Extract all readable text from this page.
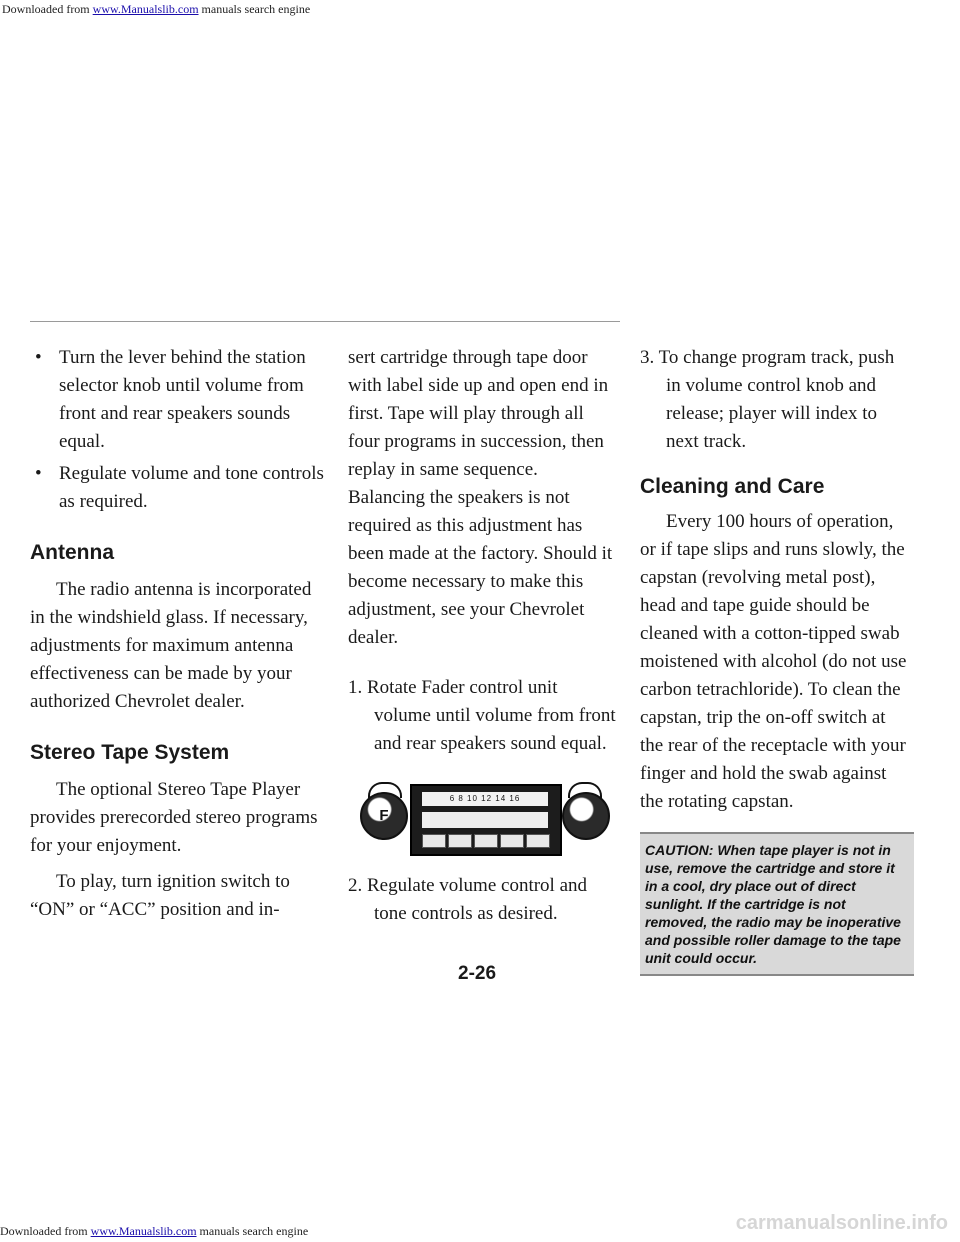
Downloaded from www.Manualslib.com manuals search engine

• Turn the lever behind the station selector knob until volume from front and rear speakers sounds equal.

• Regulate volume and tone controls as required.

Antenna

The radio antenna is incorporated in the windshield glass. If necessary, adjustments for maximum antenna effectiveness can be made by your authorized Chevrolet dealer.

Stereo Tape System

The optional Stereo Tape Player provides prerecorded stereo programs for your enjoyment.

To play, turn ignition switch to “ON” or “ACC” position and in-

sert cartridge through tape door with label side up and open end in first. Tape will play through all four programs in succession, then replay in same sequence. Balancing the speakers is not required as this adjustment has been made at the factory. Should it become necessary to make this adjustment, see your Chevrolet dealer.

1. Rotate Fader control unit volume until volume from front and rear speakers sound equal.

F
6 8 10 12 14 16

2. Regulate volume control and tone controls as desired.

3. To change program track, push in volume control knob and release; player will index to next track.

Cleaning and Care

Every 100 hours of operation, or if tape slips and runs slowly, the capstan (revolving metal post), head and tape guide should be cleaned with a cotton-tipped swab moistened with alcohol (do not use carbon tetrachloride). To clean the capstan, trip the on-off switch at the rear of the receptacle with your finger and hold the swab against the rotating capstan.

CAUTION: When tape player is not in use, remove the cartridge and store it in a cool, dry place out of direct sunlight. If the cartridge is not removed, the radio may be inoperative and possible roller damage to the tape unit could occur.
2-26
Downloaded from www.Manualslib.com manuals search engine	carmanualsonline.info
